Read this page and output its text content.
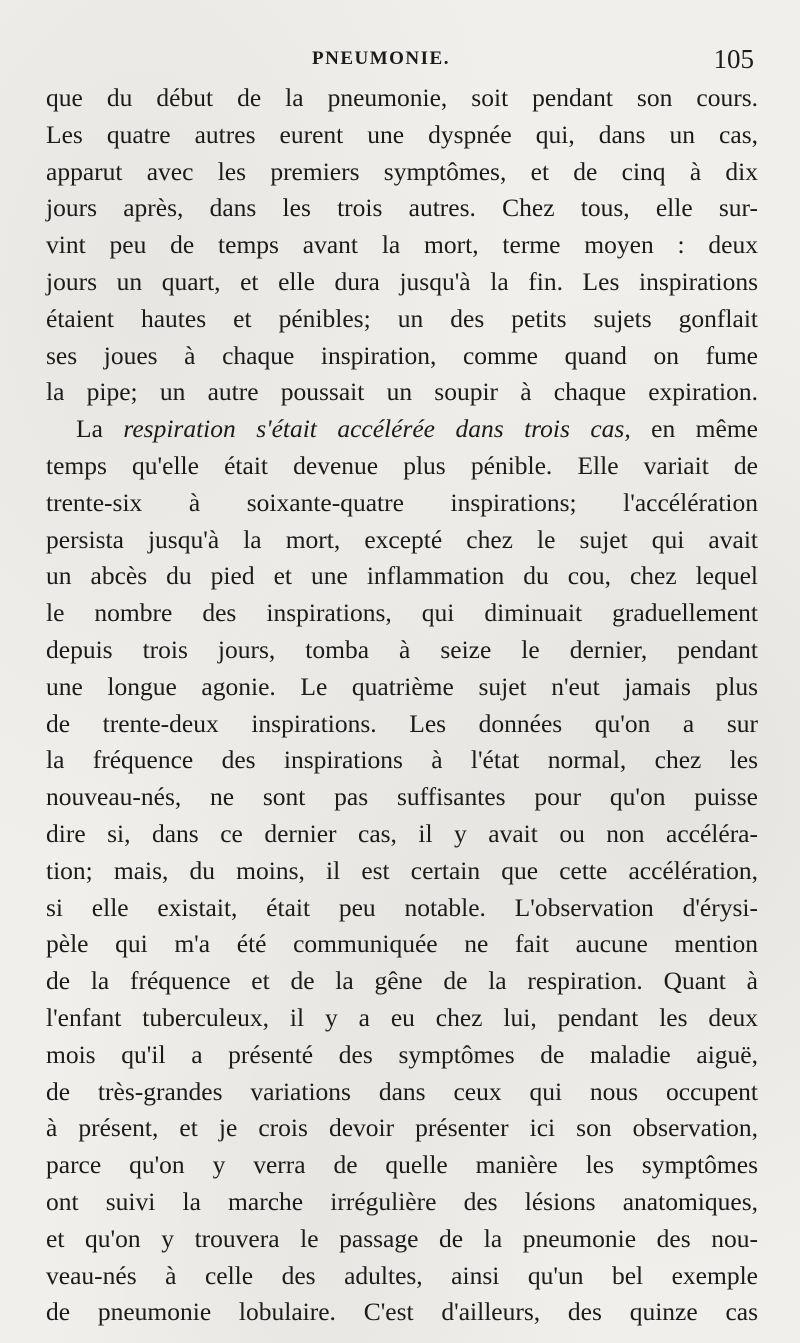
PNEUMONIE.	105
que du début de la pneumonie, soit pendant son cours.
Les quatre autres eurent une dyspnée qui, dans un cas,
apparut avec les premiers symptômes, et de cinq à dix
jours après, dans les trois autres. Chez tous, elle sur-
vint peu de temps avant la mort, terme moyen : deux
jours un quart, et elle dura jusqu'à la fin. Les inspirations
étaient hautes et pénibles; un des petits sujets gonflait
ses joues à chaque inspiration, comme quand on fume
la pipe; un autre poussait un soupir à chaque expiration.
La respiration s'était accélérée dans trois cas, en même
temps qu'elle était devenue plus pénible. Elle variait de
trente-six à soixante-quatre inspirations; l'accélération
persista jusqu'à la mort, excepté chez le sujet qui avait
un abcès du pied et une inflammation du cou, chez lequel
le nombre des inspirations, qui diminuait graduellement
depuis trois jours, tomba à seize le dernier, pendant
une longue agonie. Le quatrième sujet n'eut jamais plus
de trente-deux inspirations. Les données qu'on a sur
la fréquence des inspirations à l'état normal, chez les
nouveau-nés, ne sont pas suffisantes pour qu'on puisse
dire si, dans ce dernier cas, il y avait ou non accéléra-
tion; mais, du moins, il est certain que cette accélération,
si elle existait, était peu notable. L'observation d'érysi-
pèle qui m'a été communiquée ne fait aucune mention
de la fréquence et de la gêne de la respiration. Quant à
l'enfant tuberculeux, il y a eu chez lui, pendant les deux
mois qu'il a présenté des symptômes de maladie aiguë,
de très-grandes variations dans ceux qui nous occupent
à présent, et je crois devoir présenter ici son observation,
parce qu'on y verra de quelle manière les symptômes
ont suivi la marche irrégulière des lésions anatomiques,
et qu'on y trouvera le passage de la pneumonie des nou-
veau-nés à celle des adultes, ainsi qu'un bel exemple
de pneumonie lobulaire. C'est d'ailleurs, des quinze cas
